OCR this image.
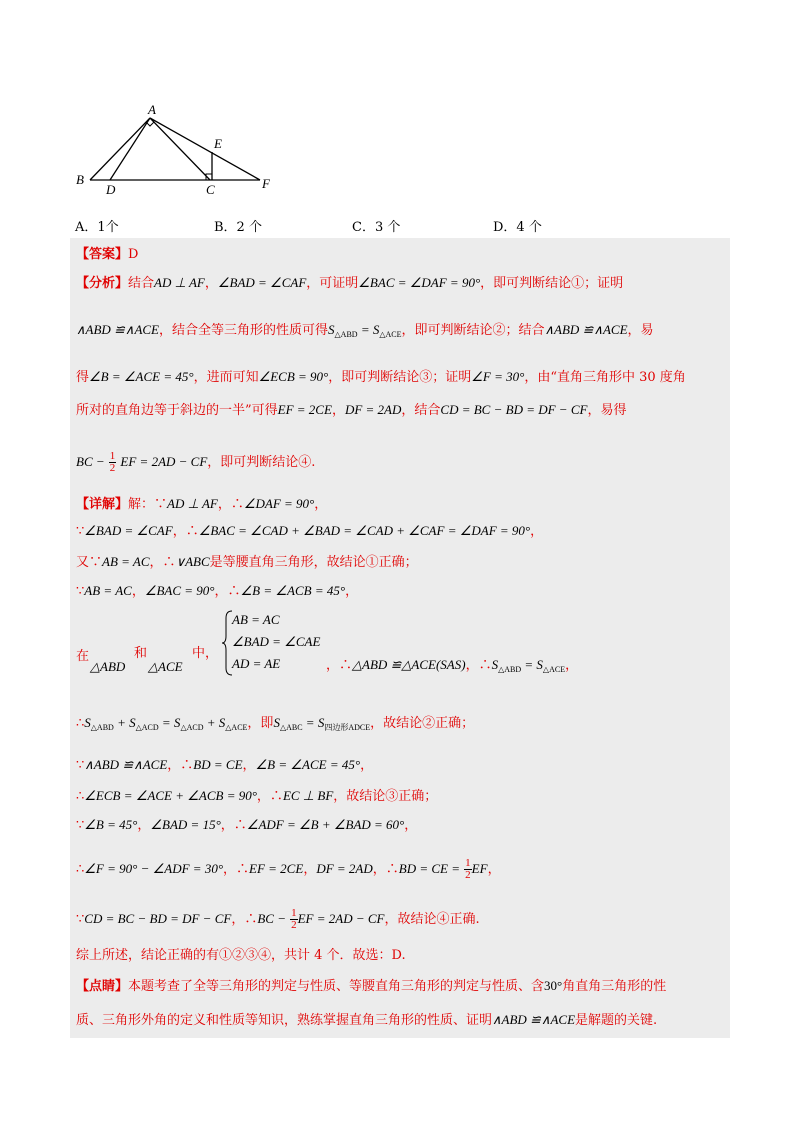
A
E
B
D	C	F
A．1个	B．2 个	C．3 个	D．4 个
【答案】D
【分析】结合AD ⊥ AF，∠BAD = ∠CAF，可证明∠BAC = ∠DAF = 90°，即可判断结论①；证明
∧ABD ≌∧ACE，结合全等三角形的性质可得$S_{\triangle ABD} = S_{\triangle ACE}$，即可判断结论②；结合∧ABD ≌∧ACE，易
得∠B = ∠ACE = 45°，进而可知∠ECB = 90°，即可判断结论③；证明∠F = 30°，由“直角三角形中 30 度角
所对的直角边等于斜边的一半”可得EF = 2CE，DF = 2AD，结合CD = BC − BD = DF − CF，易得
BC − $\frac{1}{2}$ EF = 2AD − CF，即可判断结论④.
【详解】解：∵AD ⊥ AF，∴∠DAF = 90°，
∵∠BAD = ∠CAF，∴∠BAC = ∠CAD + ∠BAD = ∠CAD + ∠CAF = ∠DAF = 90°，
又∵AB = AC，∴∨ABC是等腰直角三角形，故结论①正确；
∵AB = AC，∠BAC = 90°，∴∠B = ∠ACB = 45°，
在
△ABD
和
△ACE
中，
AB = AC
∠BAD = ∠CAE
AD = AE	，∴△ABD ≌△ACE(SAS)，$\therefore S_{\triangle ABD} = S_{\triangle ACE}$，
$\therefore S_{\triangle ABD} + S_{\triangle ACD} = S_{\triangle ACD} + S_{\triangle ACE}$，即$S_{\triangle ABC} = S_{四边形ADCE}$，故结论②正确；
∵∧ABD ≌∧ACE，∴BD = CE，∠B = ∠ACE = 45°，
∴∠ECB = ∠ACE + ∠ACB = 90°，∴EC ⊥ BF，故结论③正确；
∵∠B = 45°，∠BAD = 15°，∴∠ADF = ∠B + ∠BAD = 60°，
∴∠F = 90° − ∠ADF = 30°，∴EF = 2CE，DF = 2AD，∴BD = CE = $\frac{1}{2}$ EF，
∵CD = BC − BD = DF − CF，∴BC − $\frac{1}{2}$ EF = 2AD − CF，故结论④正确.
综上所述，结论正确的有①②③④，共计 4 个．故选：D.
【点睛】本题考查了全等三角形的判定与性质、等腰直角三角形的判定与性质、含30°角直角三角形的性
质、三角形外角的定义和性质等知识，熟练掌握直角三角形的性质、证明∧ABD ≌∧ACE是解题的关键.
